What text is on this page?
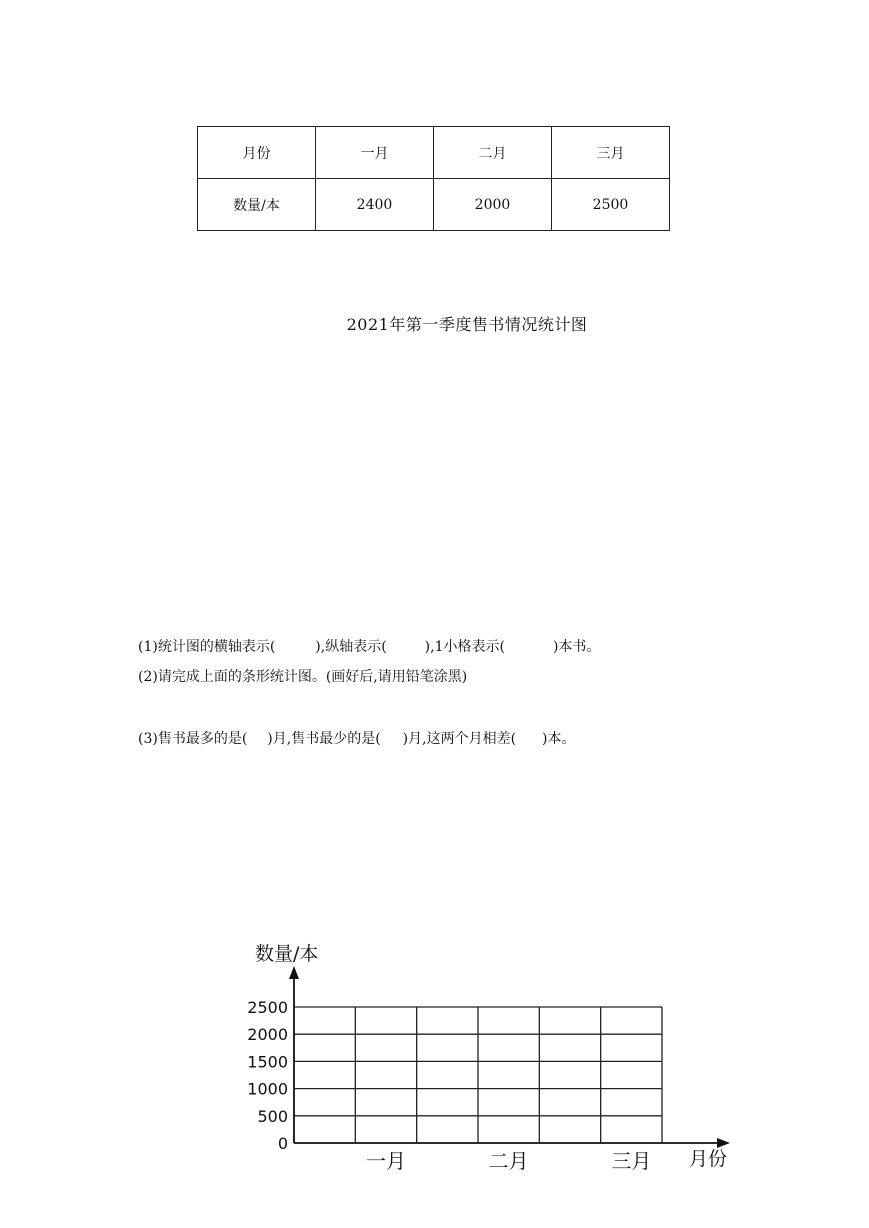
月份	一月	二月	三月
数量/本	2400	2000	2500
2021年第一季度售书情况统计图
(1)统计图的横轴表示(	),纵轴表示(	),1小格表示(	)本书。
(2)请完成上面的条形统计图。(画好后,请用铅笔涂黑)
(3)售书最多的是( )月,售书最少的是( )月,这两个月相差( )本。
0
500
1000
1500
2000
2500
一月	二月	三月
数量/本
月份
